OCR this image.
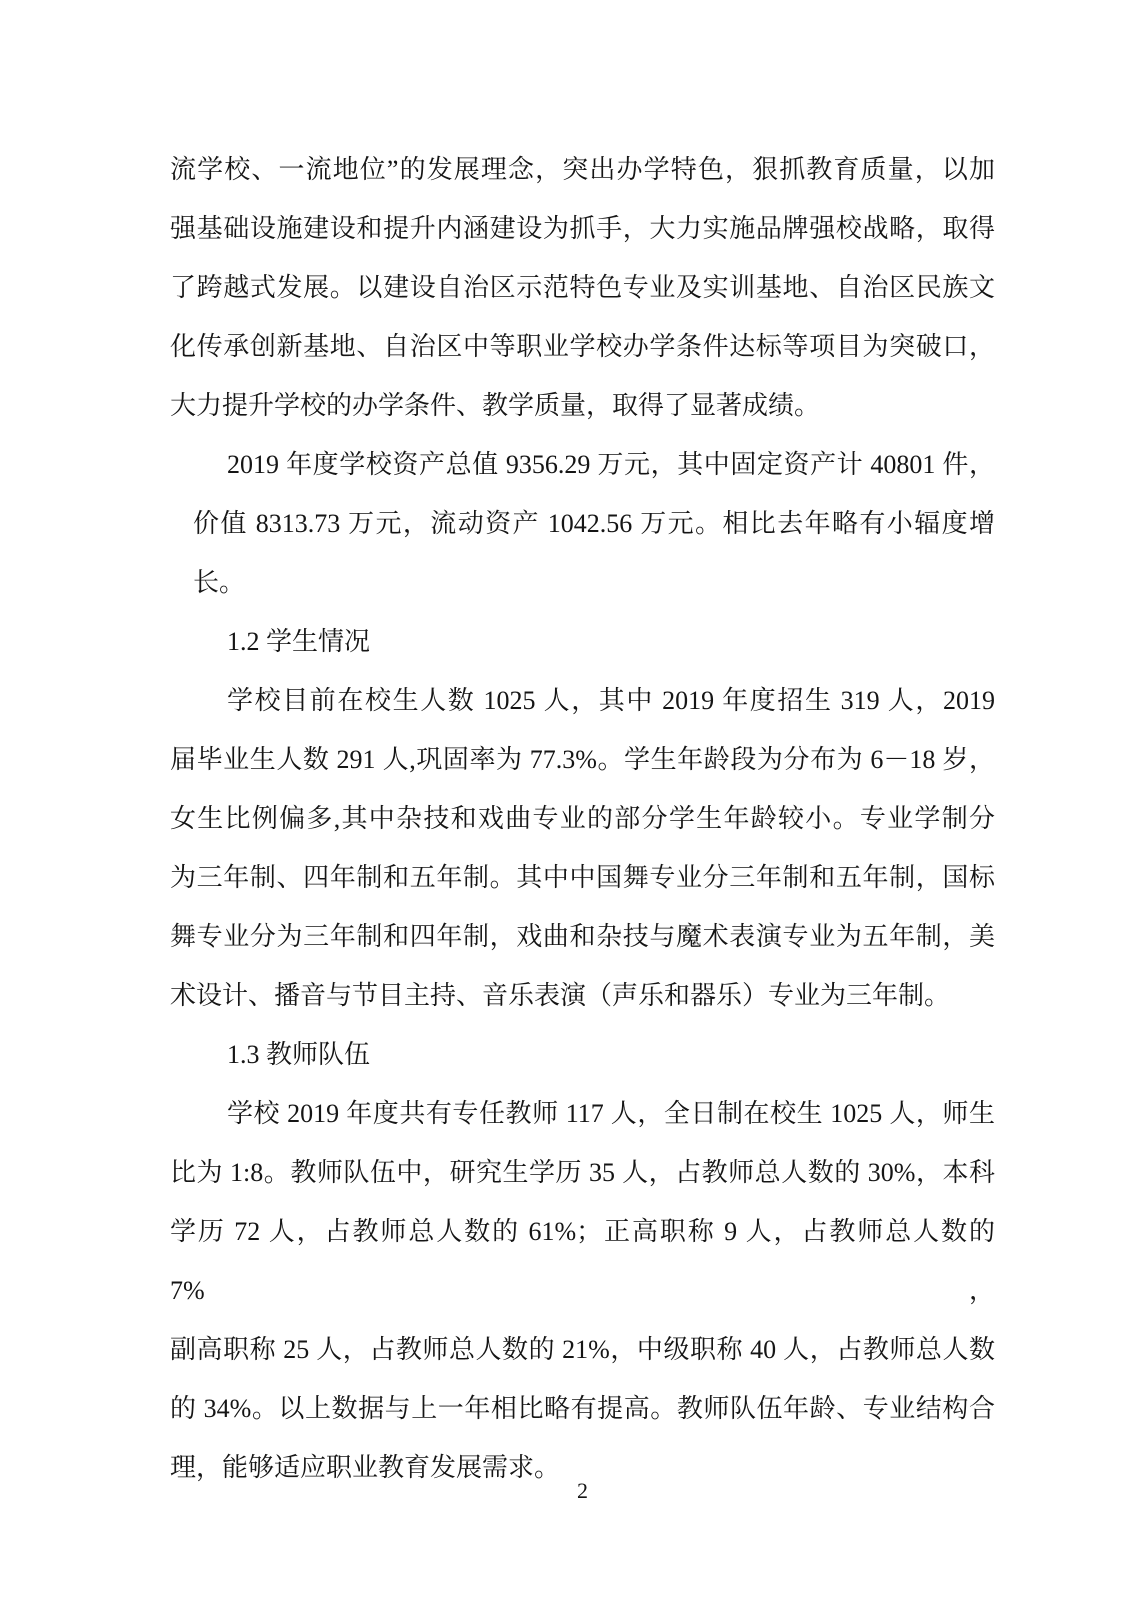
流学校、一流地位”的发展理念，突出办学特色，狠抓教育质量，以加
强基础设施建设和提升内涵建设为抓手，大力实施品牌强校战略，取得
了跨越式发展。以建设自治区示范特色专业及实训基地、自治区民族文
化传承创新基地、自治区中等职业学校办学条件达标等项目为突破口，
大力提升学校的办学条件、教学质量，取得了显著成绩。
2019 年度学校资产总值 9356.29 万元，其中固定资产计 40801 件，
价值 8313.73 万元，流动资产 1042.56 万元。相比去年略有小辐度增
长。
1.2 学生情况
学校目前在校生人数 1025 人，其中 2019 年度招生 319 人，2019
届毕业生人数 291 人,巩固率为 77.3%。学生年龄段为分布为 6－18 岁，
女生比例偏多,其中杂技和戏曲专业的部分学生年龄较小。专业学制分
为三年制、四年制和五年制。其中中国舞专业分三年制和五年制，国标
舞专业分为三年制和四年制，戏曲和杂技与魔术表演专业为五年制，美
术设计、播音与节目主持、音乐表演（声乐和器乐）专业为三年制。
1.3 教师队伍
学校 2019 年度共有专任教师 117 人，全日制在校生 1025 人，师生
比为 1:8。教师队伍中，研究生学历 35 人，占教师总人数的 30%，本科
学历 72 人，占教师总人数的 61%；正高职称 9 人，占教师总人数的 7%，
副高职称 25 人，占教师总人数的 21%，中级职称 40 人，占教师总人数
的 34%。以上数据与上一年相比略有提高。教师队伍年龄、专业结构合
理，能够适应职业教育发展需求。
2
